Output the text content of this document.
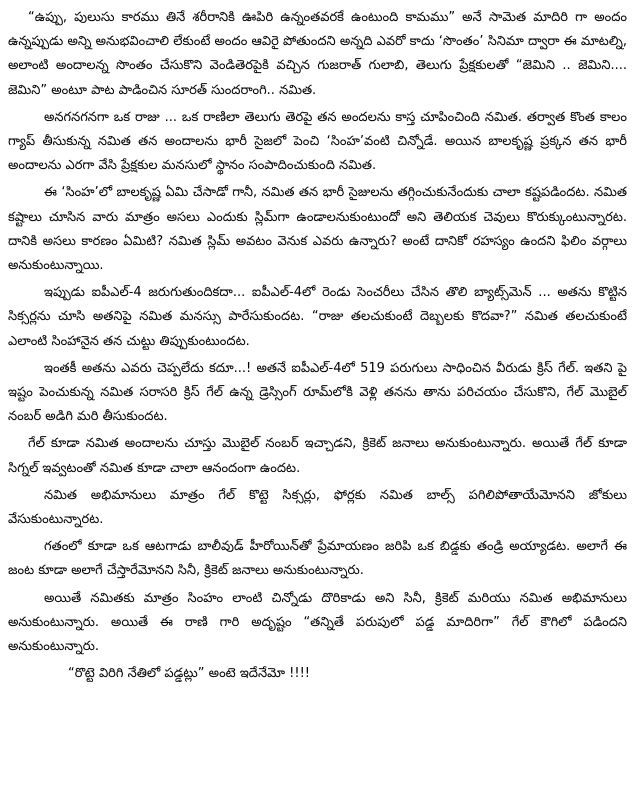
“ఉప్పు, పులుసు కారము తినే శరీరానికి ఊపిరి ఉన్నంతవరకే ఉంటుంది కామము” అనే సామెత మాదిరి గా అందం ఉన్నప్పుడు అన్ని అనుభవించాలి లేకుంటే అందం ఆవిరై పోతుందని అన్నది ఎవరో కాదు ‘సొంతం’ సినిమా ద్వారా ఈ మాటల్ని, అలాంటి అందాలన్న సొంతం చేసుకొని వెండితెరపైకి వచ్చిన గుజరాత్ గులాబి, తెలుగు ప్రేక్షకులతో “జెమిని .. జెమిని.... జెమిని” అంటూ పాట పాడించిన సూరత్ సుందరాంగి.. నమిత.

అనగనగనగా ఒక రాజు ... ఒక రాణిలా తెలుగు తెరపై తన అందలను కాస్త చూపించింది నమిత. తర్వాత కొంత కాలం గ్యాప్ తీసుకున్న నమిత తన అందాలను భారీ సైజలో పెంచి ‘సింహ’వంటి చిన్నోడే. అయిన బాలకృష్ణ ప్రక్కన తన భారీ అందాలను ఎరగా వేసి ప్రేక్షకుల మనసులో స్థానం సంపాదించుకుంది నమిత.

ఈ ‘సింహ’లో బాలకృష్ణ ఏమి చేసాడో గానీ, నమిత తన భారీ సైజులను తగ్గించుకునేందుకు చాలా కష్టపడిందట. నమిత కష్టాలు చూసిన వారు మాత్రం అసలు ఎందుకు స్లిమ్‌గా ఉండాలనుకుంటుందో అని తెలియక చెవులు కొరుక్కుంటున్నారట. దానికి అసలు కారణం ఏమిటి? నమిత స్లిమ్ అవటం వెనుక ఎవరు ఉన్నారు? అంటే దానికో రహస్యం ఉందని ఫిలిం వర్గాలు అనుకుంటున్నాయి.

ఇప్పుడు ఐపీఎల్-4 జరుగుతుందికదా... ఐపీఎల్-4లో రెండు సెంచరీలు చేసిన తొలి బ్యాట్స్‌మెన్ ... అతను కొట్టిన సిక్సర్లను చూసి అతనిపై నమిత మనస్సు పారేసుకుందట. “రాజు తలచుకుంటే దెబ్బలకు కొదవా?” నమిత తలచుకుంటే ఎలాంటి సింహానైన తన చుట్టు తిప్పుకుంటుందట.

ఇంతకీ అతను ఎవరు చెప్పలేదు కదూ...! అతనే ఐపీఎల్-4లో 519 పరుగులు సాధించిన వీరుడు క్రిస్ గేల్. ఇతని పై ఇష్టం పెంచుకున్న నమిత సరాసరి క్రిస్ గేల్ ఉన్న డ్రెస్సింగ్ రూమ్‌లోకి వెళ్లి తనను తాను పరిచయం చేసుకొని, గేల్ మొబైల్ నంబర్ అడిగి మరి తీసుకుందట.

గేల్ కూడా నమిత అందాలను చూస్తు మొబైల్ నంబర్ ఇచ్చాడని, క్రికెట్ జనాలు అనుకుంటున్నారు. అయితే గేల్ కూడా సిగ్నల్ ఇవ్వటంతో నమిత కూడా చాలా ఆనందంగా ఉందట.

నమిత అభిమానులు మాత్రం గేల్ కొట్టె సిక్సర్లు, ఫోర్లకు నమిత బాల్స్ పగిలిపోతాయేమోనని జోకులు వేసుకుంటున్నారట.

గతంలో కూడా ఒక ఆటగాడు బాలీవుడ్ హీరోయిన్‌తో ప్రేమాయణం జరిపి ఒక బిడ్డకు తండ్రి అయ్యాడట. అలాగే ఈ జంట కూడా అలాగే చేస్తారేమోనని సినీ, క్రికెట్ జనాలు అనుకుంటున్నారు.

అయితే నమితకు మాత్రం సింహం లాంటి చిన్నోడు దొరికాడు అని సినీ, క్రికెట్ మరియు నమిత అభిమానులు అనుకుంటున్నారు. అయితే ఈ రాణి గారి అదృష్టం “తన్నితే పరుపులో పడ్డ మాదిరిగా” గేల్ కౌగిలో పడిందని అనుకుంటున్నారు.

“రొట్టె విరిగి నేతిలో పడ్డట్లు” అంటె ఇదేనేమో !!!!
